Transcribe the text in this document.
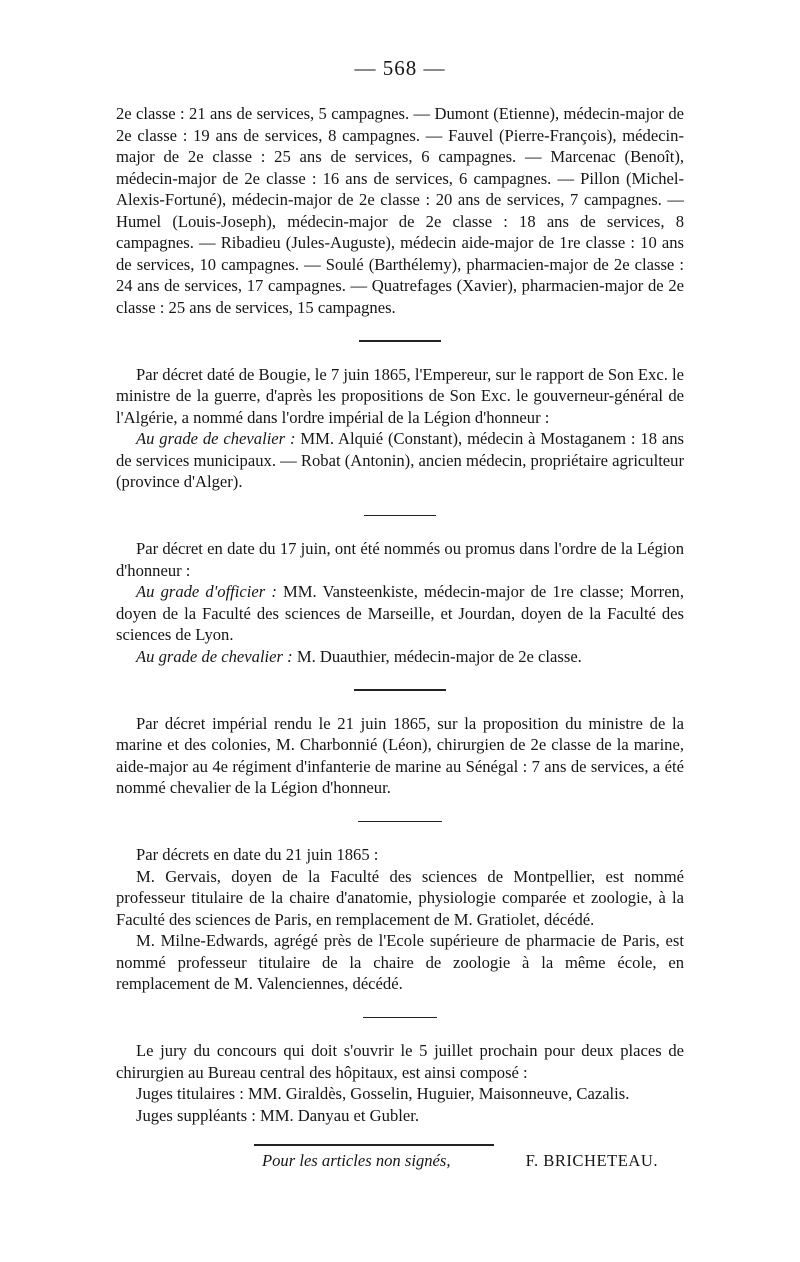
— 568 —

2e classe : 21 ans de services, 5 campagnes. — Dumont (Etienne), médecin-major de 2e classe : 19 ans de services, 8 campagnes. — Fauvel (Pierre-François), médecin-major de 2e classe : 25 ans de services, 6 campagnes. — Marcenac (Benoît), médecin-major de 2e classe : 16 ans de services, 6 campagnes. — Pillon (Michel-Alexis-Fortuné), médecin-major de 2e classe : 20 ans de services, 7 campagnes. — Humel (Louis-Joseph), médecin-major de 2e classe : 18 ans de services, 8 campagnes. — Ribadieu (Jules-Auguste), médecin aide-major de 1re classe : 10 ans de services, 10 campagnes. — Soulé (Barthélemy), pharmacien-major de 2e classe : 24 ans de services, 17 campagnes. — Quatrefages (Xavier), pharmacien-major de 2e classe : 25 ans de services, 15 campagnes.

Par décret daté de Bougie, le 7 juin 1865, l'Empereur, sur le rapport de Son Exc. le ministre de la guerre, d'après les propositions de Son Exc. le gouverneur-général de l'Algérie, a nommé dans l'ordre impérial de la Légion d'honneur :

Au grade de chevalier : MM. Alquié (Constant), médecin à Mostaganem : 18 ans de services municipaux. — Robat (Antonin), ancien médecin, propriétaire agriculteur (province d'Alger).

Par décret en date du 17 juin, ont été nommés ou promus dans l'ordre de la Légion d'honneur :

Au grade d'officier : MM. Vansteenkiste, médecin-major de 1re classe; Morren, doyen de la Faculté des sciences de Marseille, et Jourdan, doyen de la Faculté des sciences de Lyon.

Au grade de chevalier : M. Duauthier, médecin-major de 2e classe.

Par décret impérial rendu le 21 juin 1865, sur la proposition du ministre de la marine et des colonies, M. Charbonnié (Léon), chirurgien de 2e classe de la marine, aide-major au 4e régiment d'infanterie de marine au Sénégal : 7 ans de services, a été nommé chevalier de la Légion d'honneur.

Par décrets en date du 21 juin 1865 :

M. Gervais, doyen de la Faculté des sciences de Montpellier, est nommé professeur titulaire de la chaire d'anatomie, physiologie comparée et zoologie, à la Faculté des sciences de Paris, en remplacement de M. Gratiolet, décédé.

M. Milne-Edwards, agrégé près de l'Ecole supérieure de pharmacie de Paris, est nommé professeur titulaire de la chaire de zoologie à la même école, en remplacement de M. Valenciennes, décédé.

Le jury du concours qui doit s'ouvrir le 5 juillet prochain pour deux places de chirurgien au Bureau central des hôpitaux, est ainsi composé :

Juges titulaires : MM. Giraldès, Gosselin, Huguier, Maisonneuve, Cazalis.

Juges suppléants : MM. Danyau et Gubler.

Pour les articles non signés,	F. BRICHETEAU.
